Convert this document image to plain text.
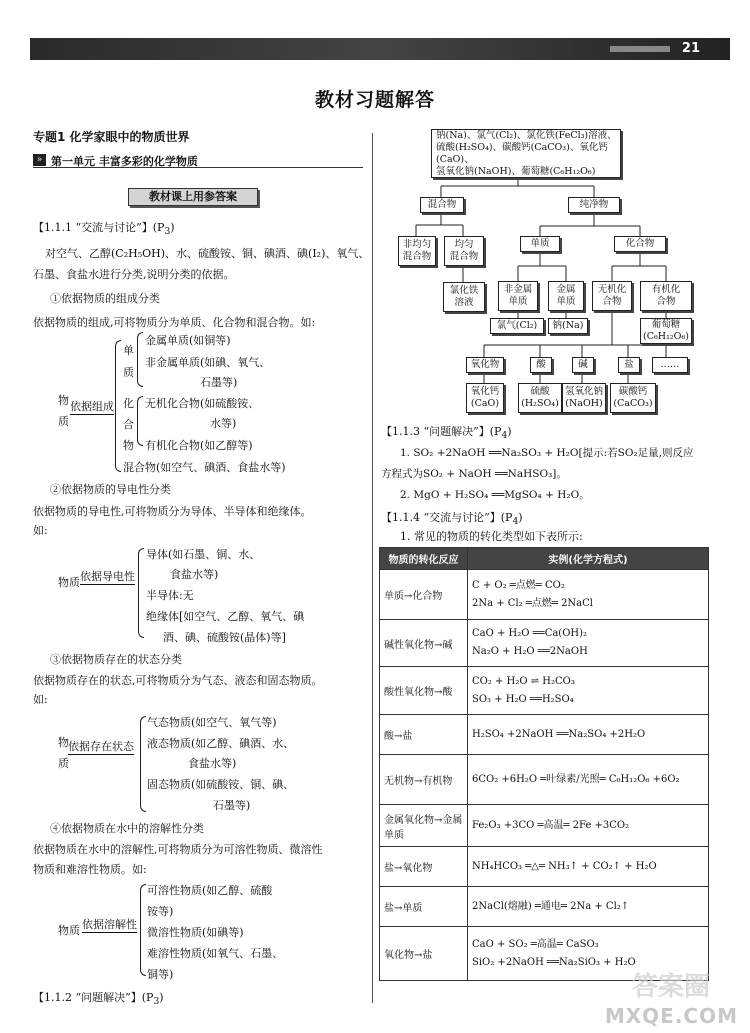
21
教材习题解答
专题1 化学家眼中的物质世界
» 第一单元 丰富多彩的化学物质
教材课上用参答案
【1.1.1 “交流与讨论”】$(P_3)$
对空气、乙醇(C₂H₅OH)、水、硫酸铵、铜、碘酒、碘(I₂)、氧气、
石墨、食盐水进行分类,说明分类的依据。
①依据物质的组成分类
依据物质的组成,可将物质分为单质、化合物和混合物。如:
物
质
依据组成
单
质
金属单质(如铜等)
非金属单质(如碘、氧气、
石墨等)
化
合
物
无机化合物(如硫酸铵、
水等)
有机化合物(如乙醇等)
混合物(如空气、碘酒、食盐水等)
②依据物质的导电性分类
依据物质的导电性,可将物质分为导体、半导体和绝缘体。
如:
物质 依据导电性
导体(如石墨、铜、水、
食盐水等)
半导体:无
绝缘体[如空气、乙醇、氧气、碘
酒、碘、硫酸铵(晶体)等]
③依据物质存在的状态分类
依据物质存在的状态,可将物质分为气态、液态和固态物质。
如:
物
质
依据存在状态
气态物质(如空气、氧气等)
液态物质(如乙醇、碘酒、水、
食盐水等)
固态物质(如硫酸铵、铜、碘、
石墨等)
④依据物质在水中的溶解性分类
依据物质在水中的溶解性,可将物质分为可溶性物质、微溶性
物质和难溶性物质。如:
物质 依据溶解性
可溶性物质(如乙醇、硫酸
铵等)
微溶性物质(如碘等)
难溶性物质(如氧气、石墨、
铜等)
【1.1.2 “问题解决”】$(P_3)$
钠(Na)、氯气(Cl₂)、氯化铁(FeCl₃)溶液、
硫酸(H₂SO₄)、碳酸钙(CaCO₃)、氧化钙(CaO)、
氢氧化钠(NaOH)、葡萄糖(C₆H₁₂O₆)
混合物	纯净物
非均匀
混合物
均匀
混合物
氯化铁
溶液
单质	化合物
非金属
单质
金属
单质
无机化
合物
有机化
合物
氯气(Cl₂)	钠(Na)	葡萄糖
(C₆H₁₂O₆)
氧化物	酸	碱	盐	……
氧化钙
(CaO)
硫酸
(H₂SO₄)
氢氧化钠
(NaOH)
碳酸钙
(CaCO₃)
【1.1.3 “问题解决”】$(P_4)$
1. SO₂ +2NaOH ══Na₂SO₃ + H₂O[提示:若SO₂足量,则反应
方程式为SO₂ + NaOH ══NaHSO₃]。
2. MgO + H₂SO₄ ══MgSO₄ + H₂O。
【1.1.4 “交流与讨论”】$(P_4)$
1. 常见的物质的转化类型如下表所示:
物质的转化反应	实例(化学方程式)
单质→化合物	C + O₂ ═点燃═ CO₂
2Na + Cl₂ ═点燃═ 2NaCl

碱性氧化物→碱	CaO + H₂O ══Ca(OH)₂
Na₂O + H₂O ══2NaOH

酸性氧化物→酸	CO₂ + H₂O ⇌ H₂CO₃
SO₃ + H₂O ══H₂SO₄

酸→盐	H₂SO₄ +2NaOH ══Na₂SO₄ +2H₂O

无机物→有机物	6CO₂ +6H₂O ═叶绿素/光照═ C₆H₁₂O₆ +6O₂

金属氧化物→金属单质	Fe₂O₃ +3CO ═高温═ 2Fe +3CO₂

盐→氧化物	NH₄HCO₃ ═△═ NH₃↑ + CO₂↑ + H₂O

盐→单质	2NaCl(熔融) ═通电═ 2Na + Cl₂↑

氧化物→盐	CaO + SO₂ ═高温═ CaSO₃
SiO₂ +2NaOH ══Na₂SiO₃ + H₂O
答案圈
MXQE.COM
